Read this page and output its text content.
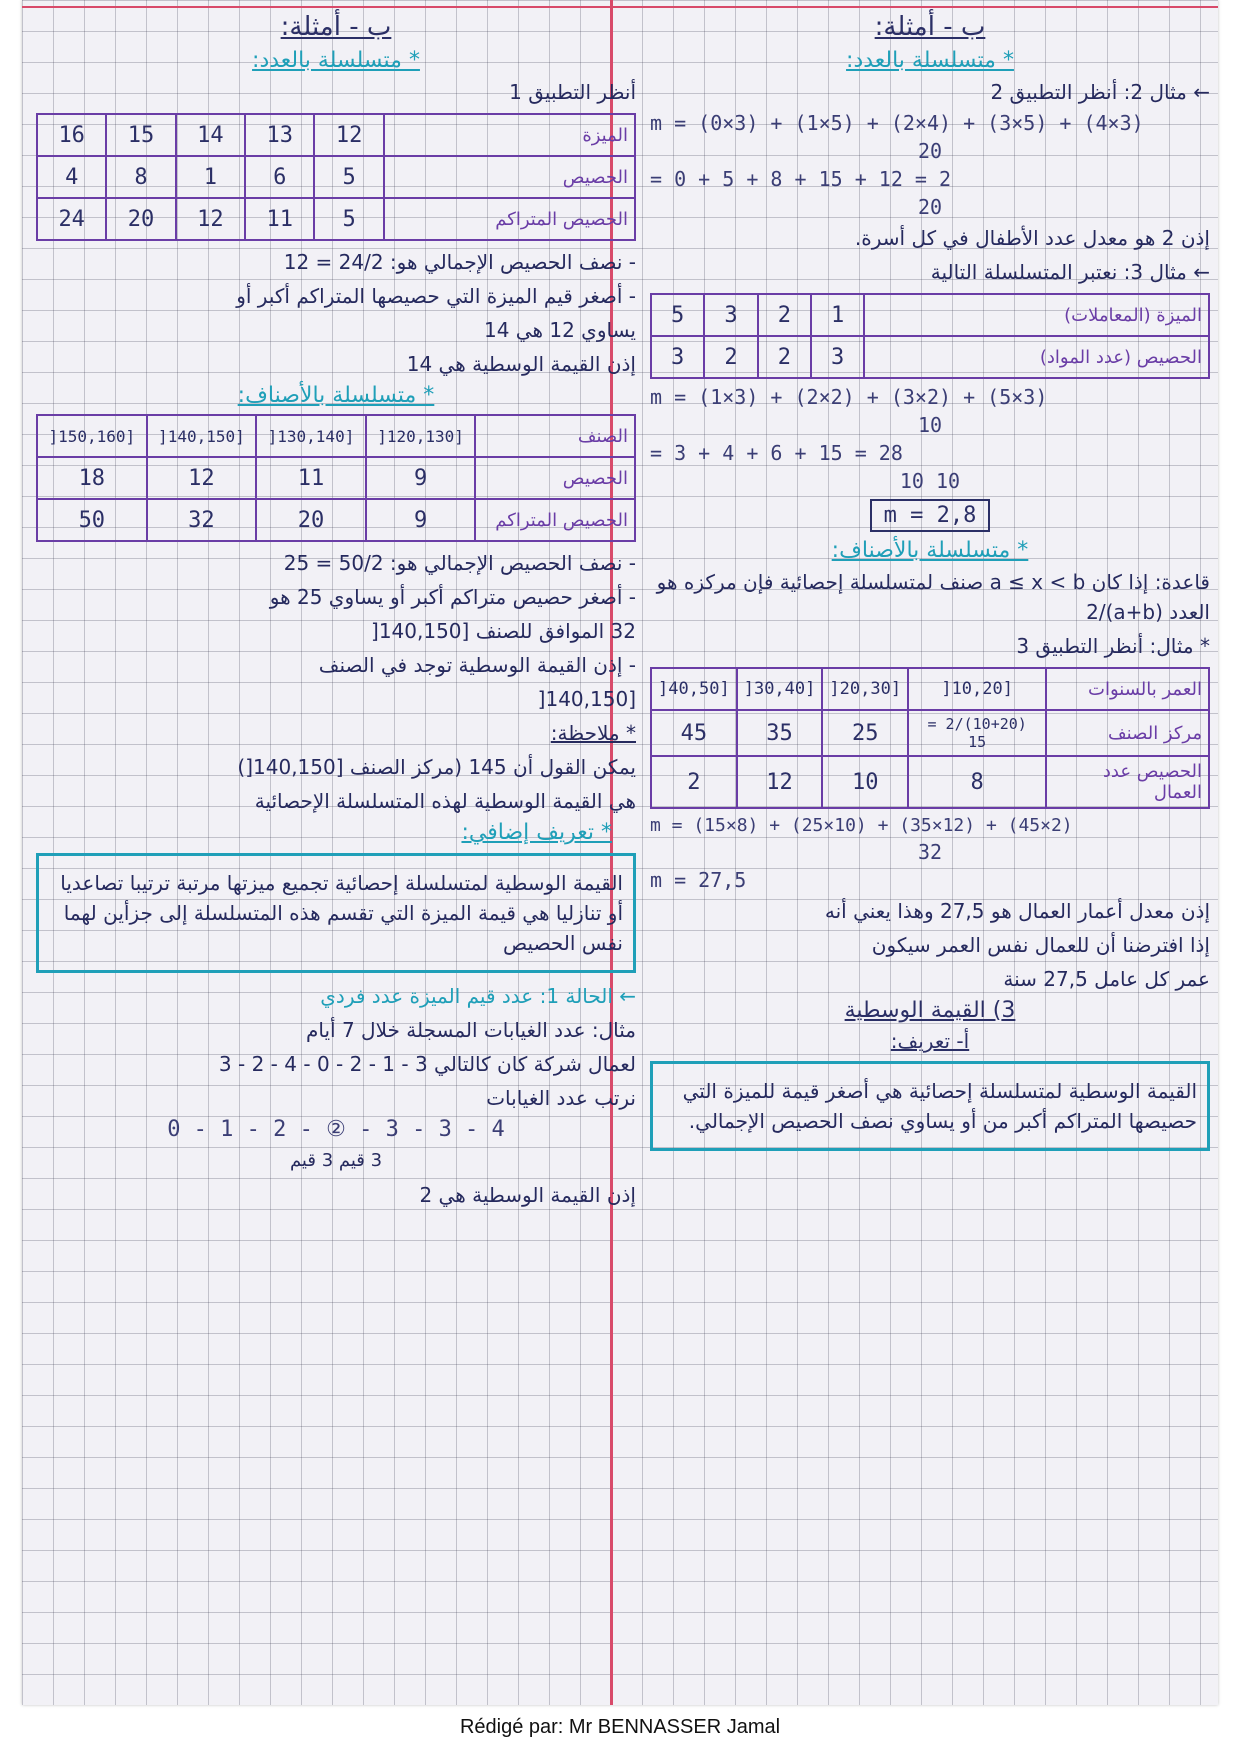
ب - أمثلة:
* متسلسلة بالعدد:
← مثال 2: أنظر التطبيق 2
m = (0×3) + (1×5) + (2×4) + (3×5) + (4×3)
20
= 0 + 5 + 8 + 15 + 12 = 2
20
إذن 2 هو معدل عدد الأطفال في كل أسرة.
← مثال 3: نعتبر المتسلسلة التالية
الميزة (المعاملات)	1	2	3	5
الحصيص (عدد المواد)	3	2	2	3
m = (1×3) + (2×2) + (3×2) + (5×3)
10
= 3 + 4 + 6 + 15 = 28
10 10
m = 2,8
* متسلسلة بالأصناف:
قاعدة: إذا كان a ≤ x < b صنف لمتسلسلة إحصائية فإن مركزه هو العدد (a+b)/2
* مثال: أنظر التطبيق 3
العمر بالسنوات	[10,20[	[20,30[	[30,40[	[40,50[
مركز الصنف	(10+20)/2 = 15	25	35	45
الحصيص عدد العمال	8	10	12	2
m = (15×8) + (25×10) + (35×12) + (45×2)
32
m = 27,5
إذن معدل أعمار العمال هو 27,5 وهذا يعني أنه
إذا افترضنا أن للعمال نفس العمر سيكون
عمر كل عامل 27,5 سنة
3) القيمة الوسطية
أ- تعريف:
القيمة الوسطية لمتسلسلة إحصائية هي أصغر قيمة للميزة التي حصيصها المتراكم أكبر من أو يساوي نصف الحصيص الإجمالي.
ب - أمثلة:
* متسلسلة بالعدد:
أنظر التطبيق 1
الميزة	12	13	14	15	16
الحصيص	5	6	1	8	4
الحصيص المتراكم	5	11	12	20	24
- نصف الحصيص الإجمالي هو: 24/2 = 12
- أصغر قيم الميزة التي حصيصها المتراكم أكبر أو
يساوي 12 هي 14
إذن القيمة الوسطية هي 14
* متسلسلة بالأصناف:
الصنف	[120,130[	[130,140[	[140,150[	[150,160[
الحصيص	9	11	12	18
الحصيص المتراكم	9	20	32	50
- نصف الحصيص الإجمالي هو: 50/2 = 25
- أصغر حصيص متراكم أكبر أو يساوي 25 هو
32 الموافق للصنف [140,150[
- إذن القيمة الوسطية توجد في الصنف
[140,150[
* ملاحظة:
يمكن القول أن 145 (مركز الصنف [140,150[)
هي القيمة الوسطية لهذه المتسلسلة الإحصائية
* تعريف إضافي:
القيمة الوسطية لمتسلسلة إحصائية تجميع ميزتها مرتبة ترتيبا تصاعديا أو تنازليا هي قيمة الميزة التي تقسم هذه المتسلسلة إلى جزأين لهما نفس الحصيص
← الحالة 1: عدد قيم الميزة عدد فردي
مثال: عدد الغيابات المسجلة خلال 7 أيام
لعمال شركة كان كالتالي 3 - 1 - 2 - 0 - 4 - 2 - 3
نرتب عدد الغيابات
0 - 1 - 2 - ② - 3 - 3 - 4
3 قيم 3 قيم
إذن القيمة الوسطية هي 2
Rédigé par: Mr BENNASSER Jamal
